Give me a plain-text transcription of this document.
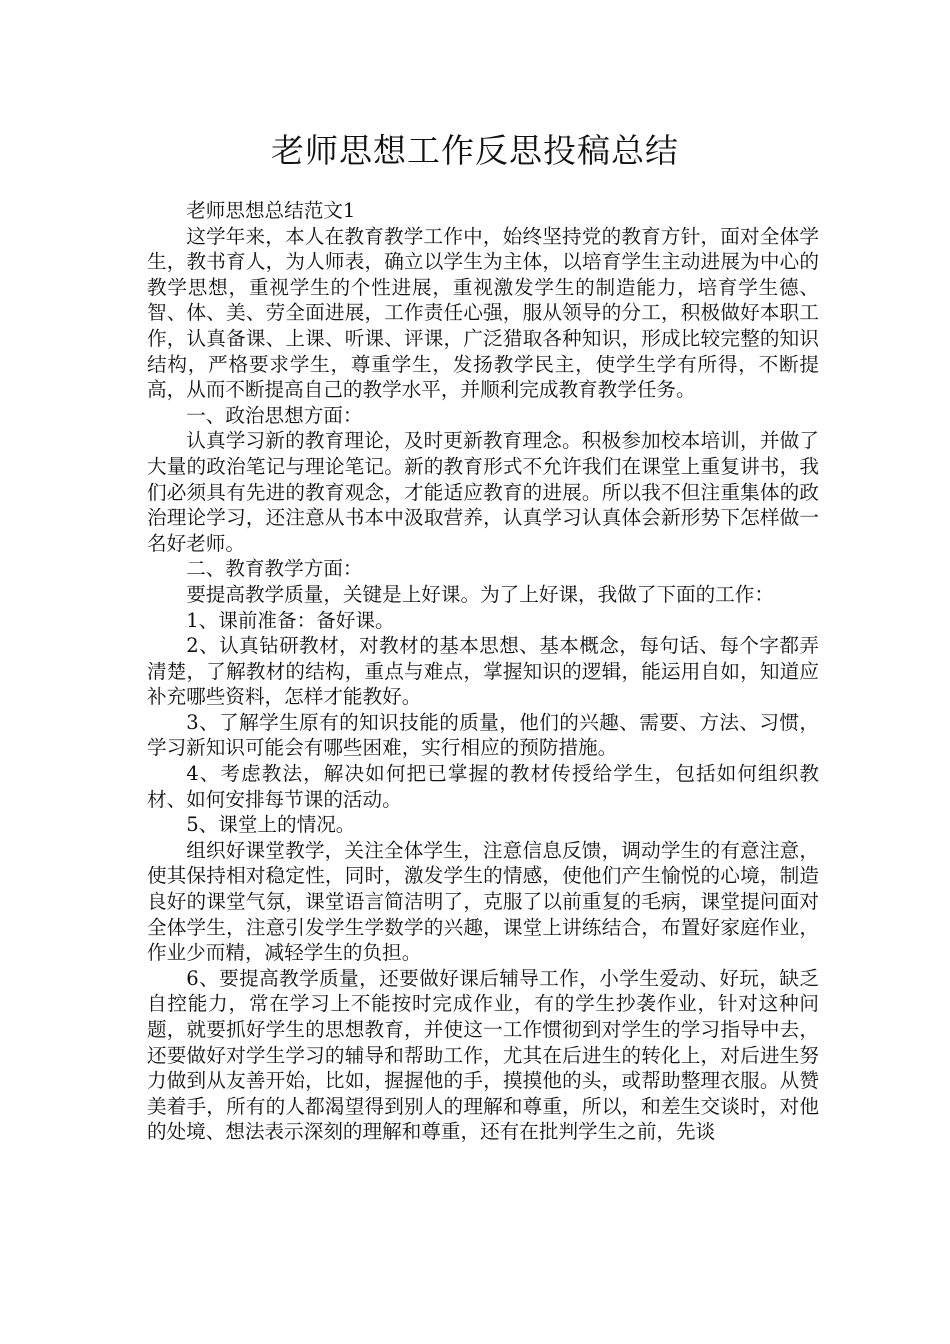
老师思想工作反思投稿总结

老师思想总结范文1

这学年来，本人在教育教学工作中，始终坚持党的教育方针，面对全体学生，教书育人，为人师表，确立以学生为主体，以培育学生主动进展为中心的教学思想，重视学生的个性进展，重视激发学生的制造能力，培育学生德、智、体、美、劳全面进展，工作责任心强，服从领导的分工，积极做好本职工作，认真备课、上课、听课、评课，广泛猎取各种知识，形成比较完整的知识结构，严格要求学生，尊重学生，发扬教学民主，使学生学有所得，不断提高，从而不断提高自己的教学水平，并顺利完成教育教学任务。

一、政治思想方面：

认真学习新的教育理论，及时更新教育理念。积极参加校本培训，并做了大量的政治笔记与理论笔记。新的教育形式不允许我们在课堂上重复讲书，我们必须具有先进的教育观念，才能适应教育的进展。所以我不但注重集体的政治理论学习，还注意从书本中汲取营养，认真学习认真体会新形势下怎样做一名好老师。

二、教育教学方面：

要提高教学质量，关键是上好课。为了上好课，我做了下面的工作：

1、课前准备：备好课。

2、认真钻研教材，对教材的基本思想、基本概念，每句话、每个字都弄清楚，了解教材的结构，重点与难点，掌握知识的逻辑，能运用自如，知道应补充哪些资料，怎样才能教好。

3、了解学生原有的知识技能的质量，他们的兴趣、需要、方法、习惯，学习新知识可能会有哪些困难，实行相应的预防措施。

4、考虑教法，解决如何把已掌握的教材传授给学生，包括如何组织教材、如何安排每节课的活动。

5、课堂上的情况。

组织好课堂教学，关注全体学生，注意信息反馈，调动学生的有意注意，使其保持相对稳定性，同时，激发学生的情感，使他们产生愉悦的心境，制造良好的课堂气氛，课堂语言简洁明了，克服了以前重复的毛病，课堂提问面对全体学生，注意引发学生学数学的兴趣，课堂上讲练结合，布置好家庭作业，作业少而精，减轻学生的负担。

6、要提高教学质量，还要做好课后辅导工作，小学生爱动、好玩，缺乏自控能力，常在学习上不能按时完成作业，有的学生抄袭作业，针对这种问题，就要抓好学生的思想教育，并使这一工作惯彻到对学生的学习指导中去，还要做好对学生学习的辅导和帮助工作，尤其在后进生的转化上，对后进生努力做到从友善开始，比如，握握他的手，摸摸他的头，或帮助整理衣服。从赞美着手，所有的人都渴望得到别人的理解和尊重，所以，和差生交谈时，对他的处境、想法表示深刻的理解和尊重，还有在批判学生之前，先谈
